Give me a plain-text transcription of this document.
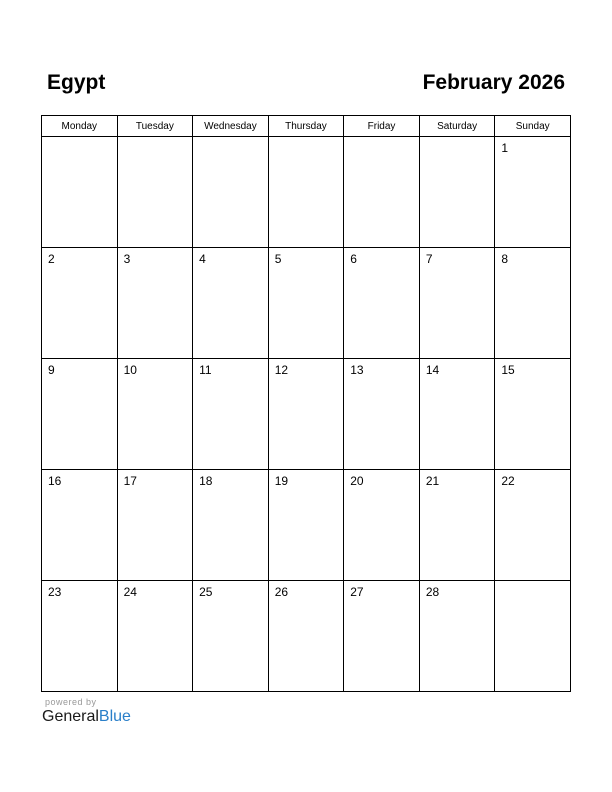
Egypt	February 2026
Monday	Tuesday	Wednesday	Thursday	Friday	Saturday	Sunday

						1

2	3	4	5	6	7	8

9	10	11	12	13	14	15

16	17	18	19	20	21	22

23	24	25	26	27	28	

powered by
GeneralBlue
